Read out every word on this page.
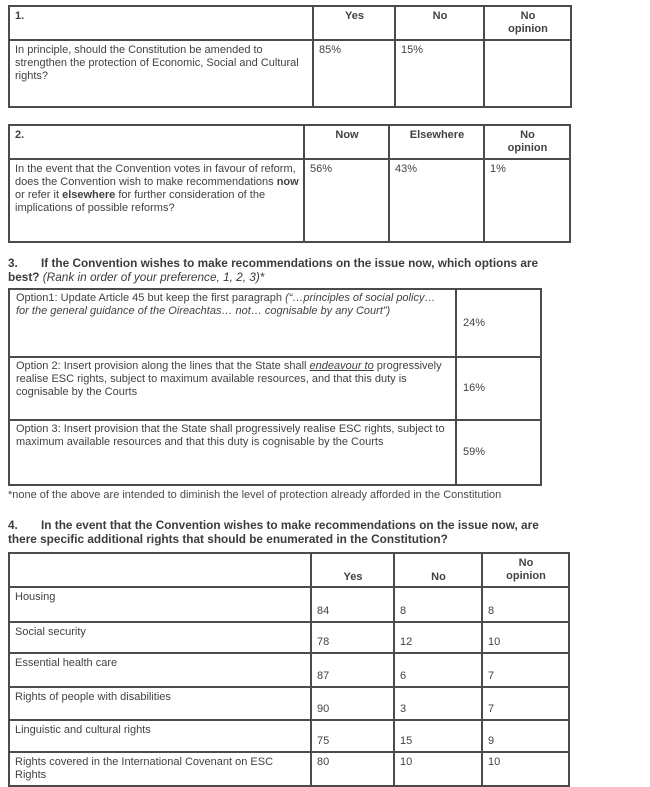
1.	Yes	No	No opinion
In principle, should the Constitution be amended to strengthen the protection of Economic, Social and Cultural rights?	85%	15%	
2.	Now	Elsewhere	No opinion
In the event that the Convention votes in favour of reform, does the Convention wish to make recommendations now or refer it elsewhere for further consideration of the implications of possible reforms?	56%	43%	1%
3. If the Convention wishes to make recommendations on the issue now, which options are
best? (Rank in order of your preference, 1, 2, 3)*
Option1: Update Article 45 but keep the first paragraph (“…principles of social policy… for the general guidance of the Oireachtas… not… cognisable by any Court”)	24%
Option 2: Insert provision along the lines that the State shall endeavour to progressively realise ESC rights, subject to maximum available resources, and that this duty is cognisable by the Courts	16%
Option 3: Insert provision that the State shall progressively realise ESC rights, subject to maximum available resources and that this duty is cognisable by the Courts	59%
*none of the above are intended to diminish the level of protection already afforded in the Constitution
4. In the event that the Convention wishes to make recommendations on the issue now, are
there specific additional rights that should be enumerated in the Constitution?
	Yes	No	No opinion
Housing	84	8	8
Social security	78	12	10
Essential health care	87	6	7
Rights of people with disabilities	90	3	7
Linguistic and cultural rights	75	15	9
Rights covered in the International Covenant on ESC Rights	80	10	10
